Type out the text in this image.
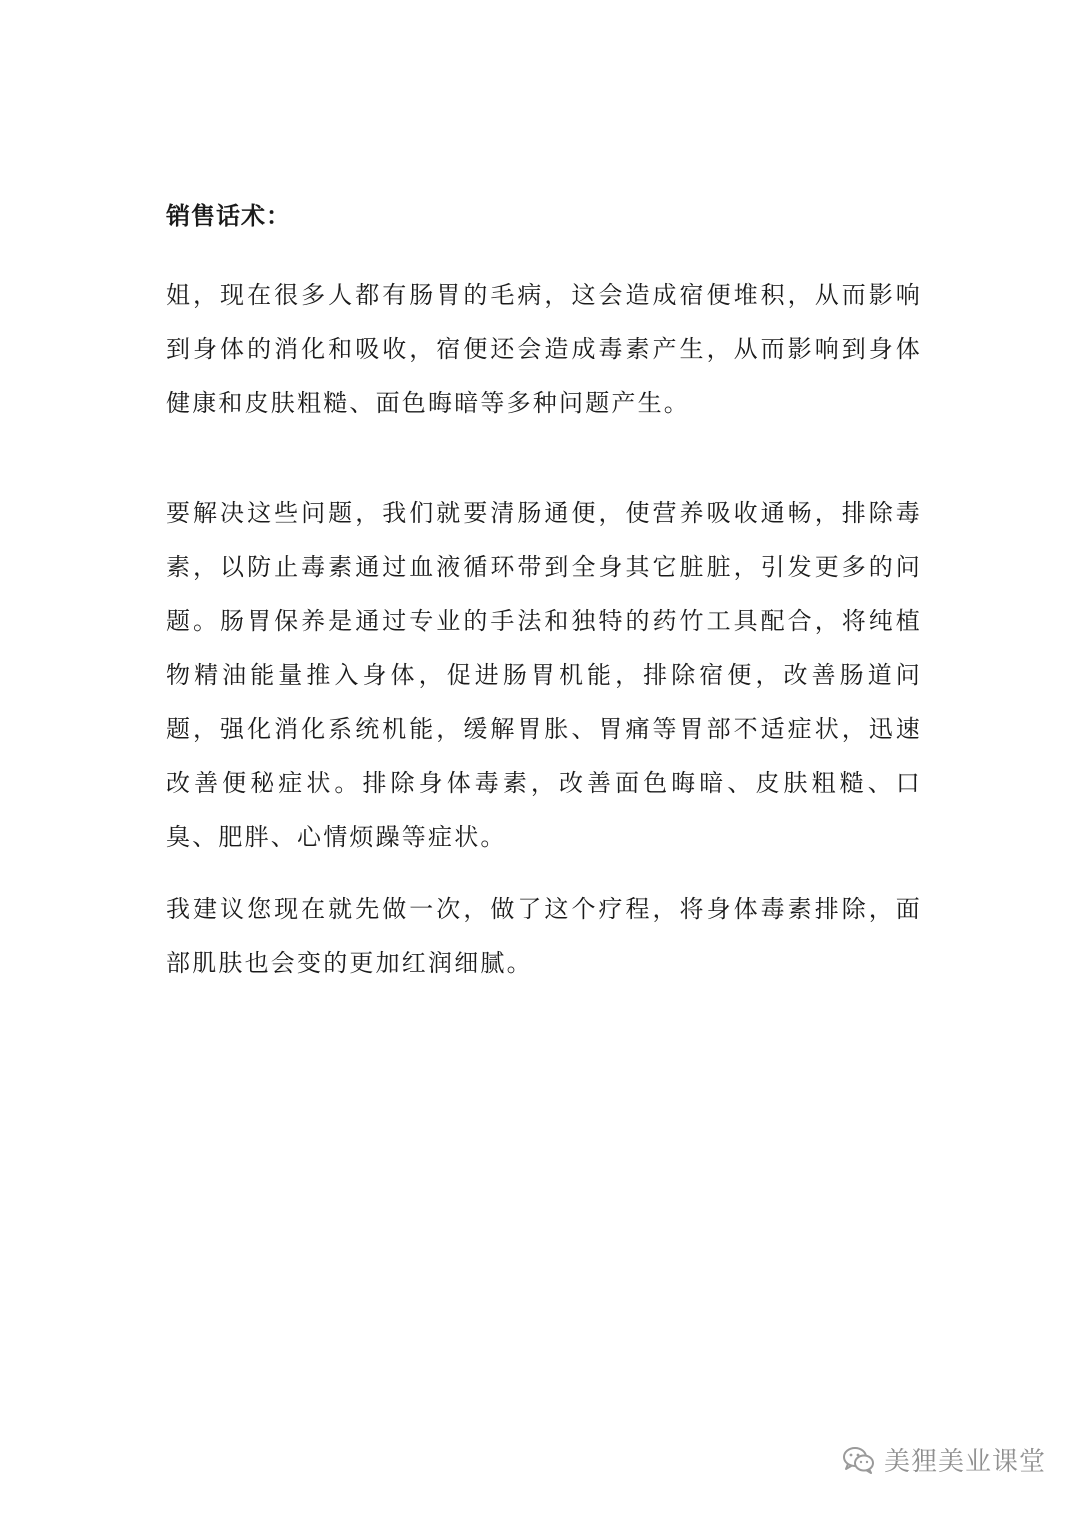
销售话术：

姐，现在很多人都有肠胃的毛病，这会造成宿便堆积，从而影响到身体的消化和吸收，宿便还会造成毒素产生，从而影响到身体健康和皮肤粗糙、面色晦暗等多种问题产生。

要解决这些问题，我们就要清肠通便，使营养吸收通畅，排除毒素，以防止毒素通过血液循环带到全身其它脏脏，引发更多的问题。肠胃保养是通过专业的手法和独特的药竹工具配合，将纯植物精油能量推入身体，促进肠胃机能，排除宿便，改善肠道问题，强化消化系统机能，缓解胃胀、胃痛等胃部不适症状，迅速改善便秘症状。排除身体毒素，改善面色晦暗、皮肤粗糙、口臭、肥胖、心情烦躁等症状。

我建议您现在就先做一次，做了这个疗程，将身体毒素排除，面部肌肤也会变的更加红润细腻。

美狸美业课堂
